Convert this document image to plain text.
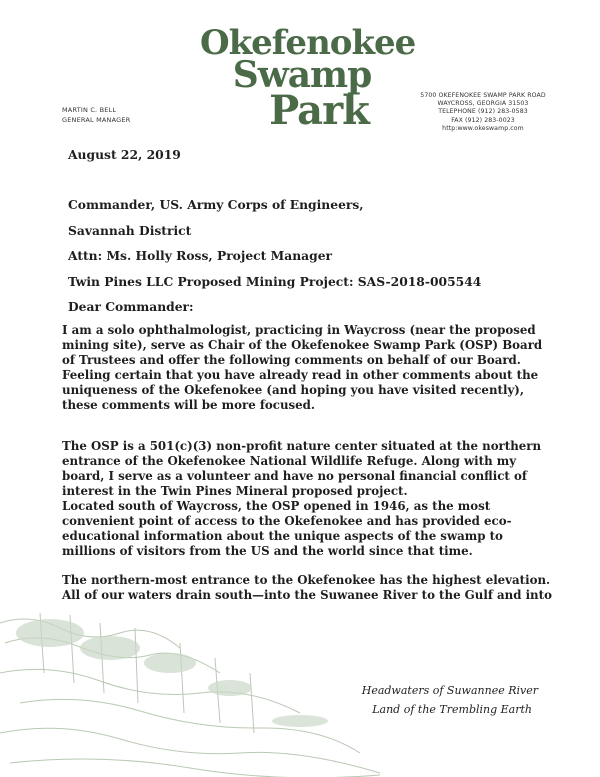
Okefenokee
Swamp
Park
MARTIN C. BELL
GENERAL MANAGER
5700 OKEFENOKEE SWAMP PARK ROAD
WAYCROSS, GEORGIA 31503
TELEPHONE (912) 283-0583
FAX (912) 283-0023
http:www.okeswamp.com
August 22, 2019
Commander, US. Army Corps of Engineers,
Savannah District
Attn: Ms. Holly Ross, Project Manager
Twin Pines LLC Proposed Mining Project: SAS-2018-005544
Dear Commander:
I am a solo ophthalmologist, practicing in Waycross (near the proposed mining site), serve as Chair of the Okefenokee Swamp Park (OSP) Board of Trustees and offer the following comments on behalf of our Board. Feeling certain that you have already read in other comments about the uniqueness of the Okefenokee (and hoping you have visited recently), these comments will be more focused.
The OSP is a 501(c)(3) non-profit nature center situated at the northern entrance of the Okefenokee National Wildlife Refuge. Along with my board, I serve as a volunteer and have no personal financial conflict of interest in the Twin Pines Mineral proposed project.
Located south of Waycross, the OSP opened in 1946, as the most convenient point of access to the Okefenokee and has provided eco-educational information about the unique aspects of the swamp to millions of visitors from the US and the world since that time.
The northern-most entrance to the Okefenokee has the highest elevation. All of our waters drain south—into the Suwanee River to the Gulf and into
Headwaters of Suwannee River
Land of the Trembling Earth
